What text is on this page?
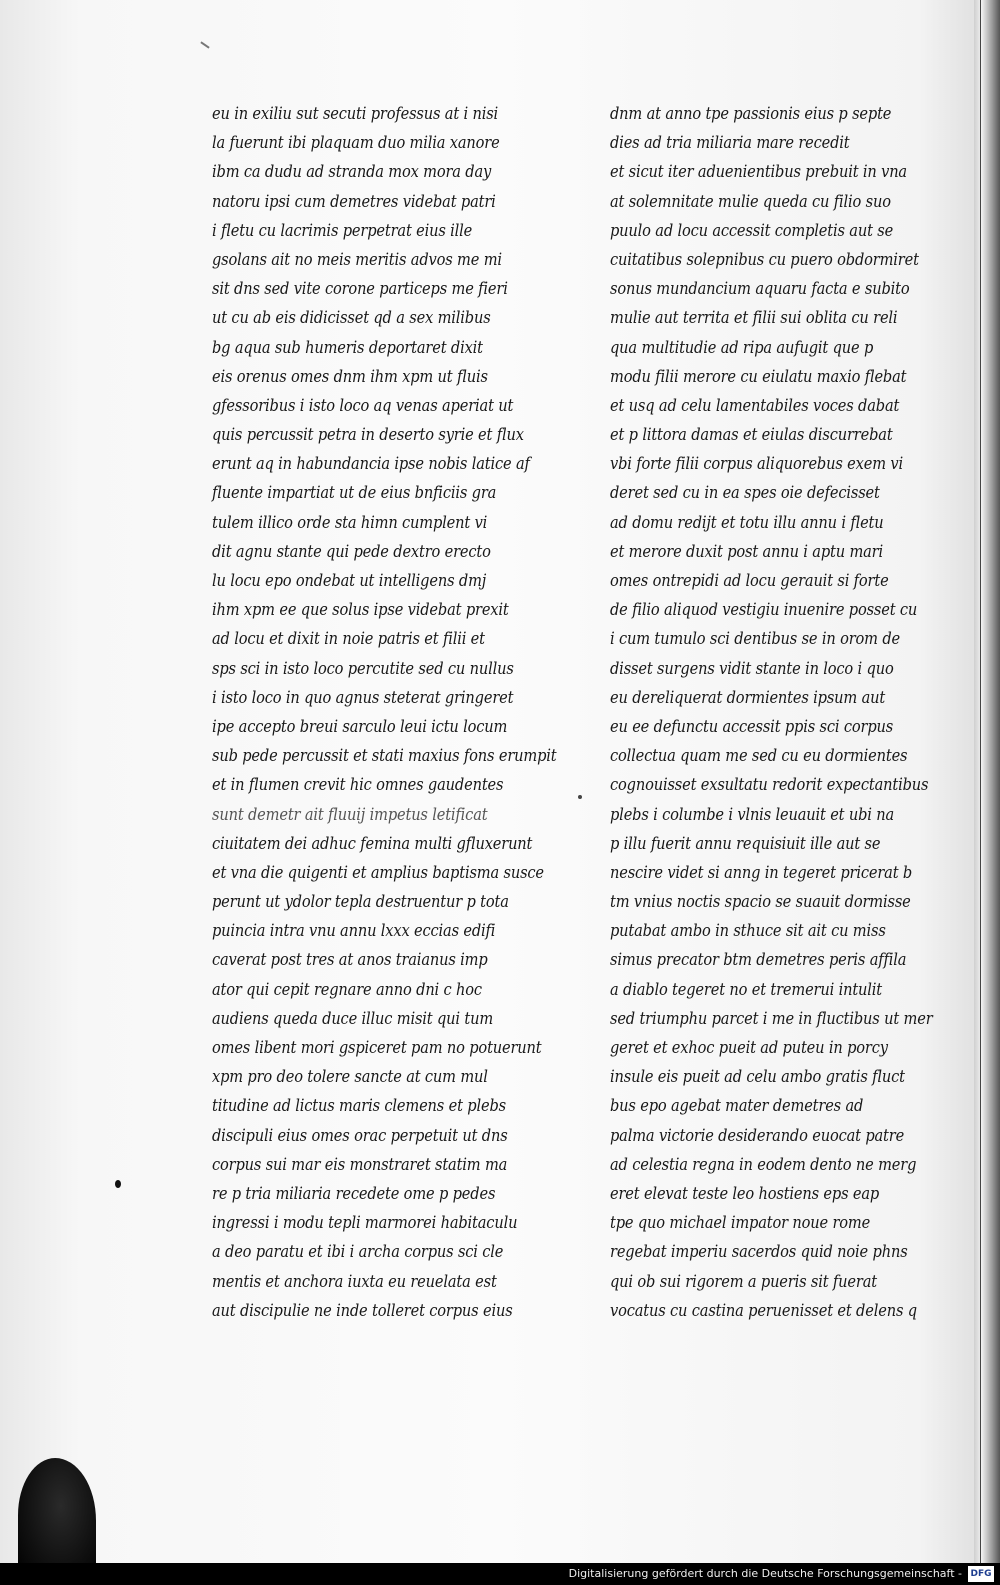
eu in exiliu sut secuti professus at i nisi
la fuerunt ibi plaquam duo milia xanore
ibm ca dudu ad stranda mox mora day
natoru ipsi cum demetres videbat patri
i fletu cu lacrimis perpetrat eius ille
gsolans ait no meis meritis advos me mi
sit dns sed vite corone particeps me fieri
ut cu ab eis didicisset qd a sex milibus
bg aqua sub humeris deportaret dixit
eis orenus omes dnm ihm xpm ut fluis
gfessoribus i isto loco aq venas aperiat ut
quis percussit petra in deserto syrie et flux
erunt aq in habundancia ipse nobis latice af
fluente impartiat ut de eius bnficiis gra
tulem illico orde sta himn cumplent vi
dit agnu stante qui pede dextro erecto
lu locu epo ondebat ut intelligens dmj
ihm xpm ee que solus ipse videbat prexit
ad locu et dixit in noie patris et filii et
sps sci in isto loco percutite sed cu nullus
i isto loco in quo agnus steterat gringeret
ipe accepto breui sarculo leui ictu locum
sub pede percussit et stati maxius fons erumpit
et in flumen crevit hic omnes gaudentes
sunt demetr ait fluuij impetus letificat
ciuitatem dei adhuc femina multi gfluxerunt
et vna die quigenti et amplius baptisma susce
perunt ut ydolor tepla destruentur p tota
puincia intra vnu annu lxxx eccias edifi
caverat post tres at anos traianus imp
ator qui cepit regnare anno dni c hoc
audiens queda duce illuc misit qui tum
omes libent mori gspiceret pam no potuerunt
xpm pro deo tolere sancte at cum mul
titudine ad lictus maris clemens et plebs
discipuli eius omes orac perpetuit ut dns
corpus sui mar eis monstraret statim ma
re p tria miliaria recedete ome p pedes
ingressi i modu tepli marmorei habitaculu
a deo paratu et ibi i archa corpus sci cle
mentis et anchora iuxta eu reuelata est
aut discipulie ne inde tolleret corpus eius
dnm at anno tpe passionis eius p septe
dies ad tria miliaria mare recedit
et sicut iter aduenientibus prebuit in vna
at solemnitate mulie queda cu filio suo
puulo ad locu accessit completis aut se
cuitatibus solepnibus cu puero obdormiret
sonus mundancium aquaru facta e subito
mulie aut territa et filii sui oblita cu reli
qua multitudie ad ripa aufugit que p
modu filii merore cu eiulatu maxio flebat
et usq ad celu lamentabiles voces dabat
et p littora damas et eiulas discurrebat
vbi forte filii corpus aliquorebus exem vi
deret sed cu in ea spes oie defecisset
ad domu redijt et totu illu annu i fletu
et merore duxit post annu i aptu mari
omes ontrepidi ad locu gerauit si forte
de filio aliquod vestigiu inuenire posset cu
i cum tumulo sci dentibus se in orom de
disset surgens vidit stante in loco i quo
eu dereliquerat dormientes ipsum aut
eu ee defunctu accessit ppis sci corpus
collectua quam me sed cu eu dormientes
cognouisset exsultatu redorit expectantibus
plebs i columbe i vlnis leuauit et ubi na
p illu fuerit annu requisiuit ille aut se
nescire videt si anng in tegeret pricerat b
tm vnius noctis spacio se suauit dormisse
putabat ambo in sthuce sit ait cu miss
simus precator btm demetres peris affila
a diablo tegeret no et tremerui intulit
sed triumphu parcet i me in fluctibus ut mer
geret et exhoc pueit ad puteu in porcy
insule eis pueit ad celu ambo gratis fluct
bus epo agebat mater demetres ad
palma victorie desiderando euocat patre
ad celestia regna in eodem dento ne merg
eret elevat teste leo hostiens eps eap
tpe quo michael impator noue rome
regebat imperiu sacerdos quid noie phns
qui ob sui rigorem a pueris sit fuerat
vocatus cu castina peruenisset et delens q
Digitalisierung gefördert durch die Deutsche Forschungsgemeinschaft - DFG
